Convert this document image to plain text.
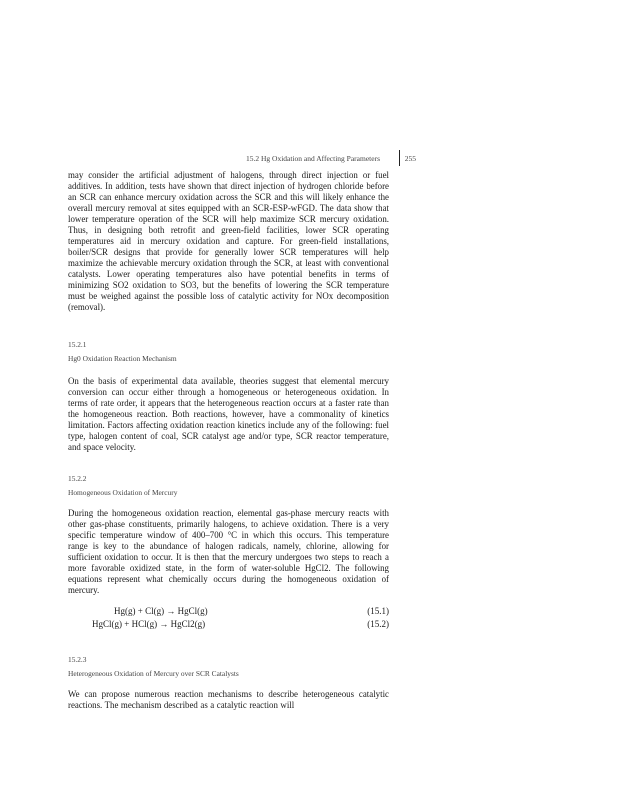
15.2 Hg Oxidation and Affecting Parameters	255

may consider the artificial adjustment of halogens, through direct injection or fuel additives. In addition, tests have shown that direct injection of hydrogen chloride before an SCR can enhance mercury oxidation across the SCR and this will likely enhance the overall mercury removal at sites equipped with an SCR-ESP-wFGD. The data show that lower temperature operation of the SCR will help maximize SCR mercury oxidation. Thus, in designing both retrofit and green-field facilities, lower SCR operating temperatures aid in mercury oxidation and capture. For green-field installations, boiler/SCR designs that provide for generally lower SCR temperatures will help maximize the achievable mercury oxidation through the SCR, at least with conventional catalysts. Lower operating temperatures also have potential benefits in terms of minimizing SO2 oxidation to SO3, but the benefits of lowering the SCR temperature must be weighed against the possible loss of catalytic activity for NOx decomposition (removal).

15.2.1
Hg0 Oxidation Reaction Mechanism

On the basis of experimental data available, theories suggest that elemental mercury conversion can occur either through a homogeneous or heterogeneous oxidation. In terms of rate order, it appears that the heterogeneous reaction occurs at a faster rate than the homogeneous reaction. Both reactions, however, have a commonality of kinetics limitation. Factors affecting oxidation reaction kinetics include any of the following: fuel type, halogen content of coal, SCR catalyst age and/or type, SCR reactor temperature, and space velocity.

15.2.2
Homogeneous Oxidation of Mercury

During the homogeneous oxidation reaction, elemental gas-phase mercury reacts with other gas-phase constituents, primarily halogens, to achieve oxidation. There is a very specific temperature window of 400–700 °C in which this occurs. This temperature range is key to the abundance of halogen radicals, namely, chlorine, allowing for sufficient oxidation to occur. It is then that the mercury undergoes two steps to reach a more favorable oxidized state, in the form of water-soluble HgCl2. The following equations represent what chemically occurs during the homogeneous oxidation of mercury.

Hg(g) + Cl(g) → HgCl(g)	(15.1)
HgCl(g) + HCl(g) → HgCl2(g)	(15.2)
15.2.3
Heterogeneous Oxidation of Mercury over SCR Catalysts

We can propose numerous reaction mechanisms to describe heterogeneous catalytic reactions. The mechanism described as a catalytic reaction will
